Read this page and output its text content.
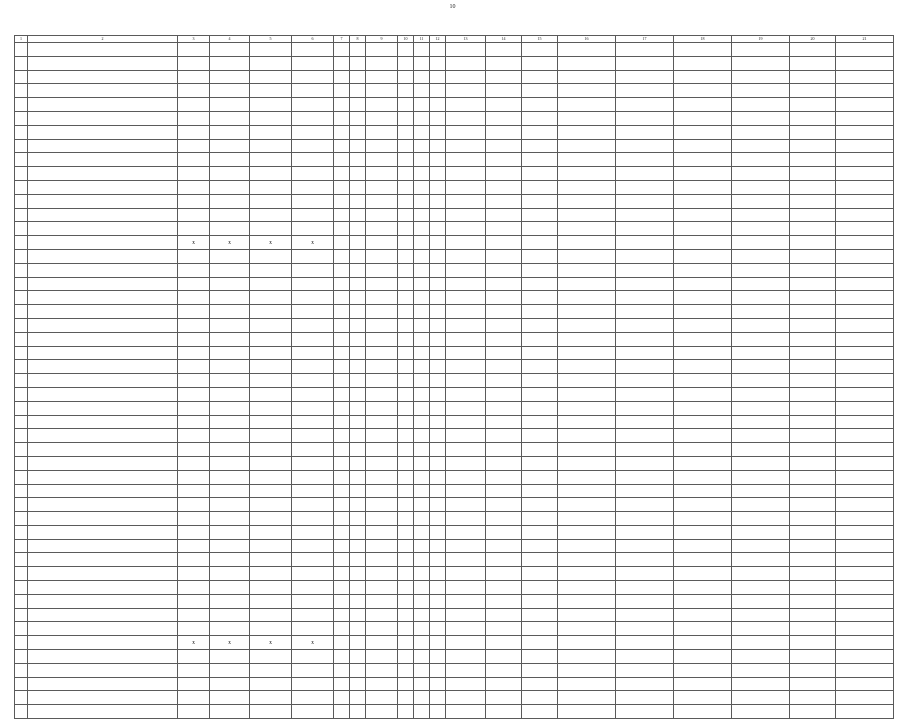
10
1	2	3	4	5	6	7	8	9	10	11	12	13	14	15	16	17	18	19	20	21

		X	X	X	X															

		X	X	X	X															
